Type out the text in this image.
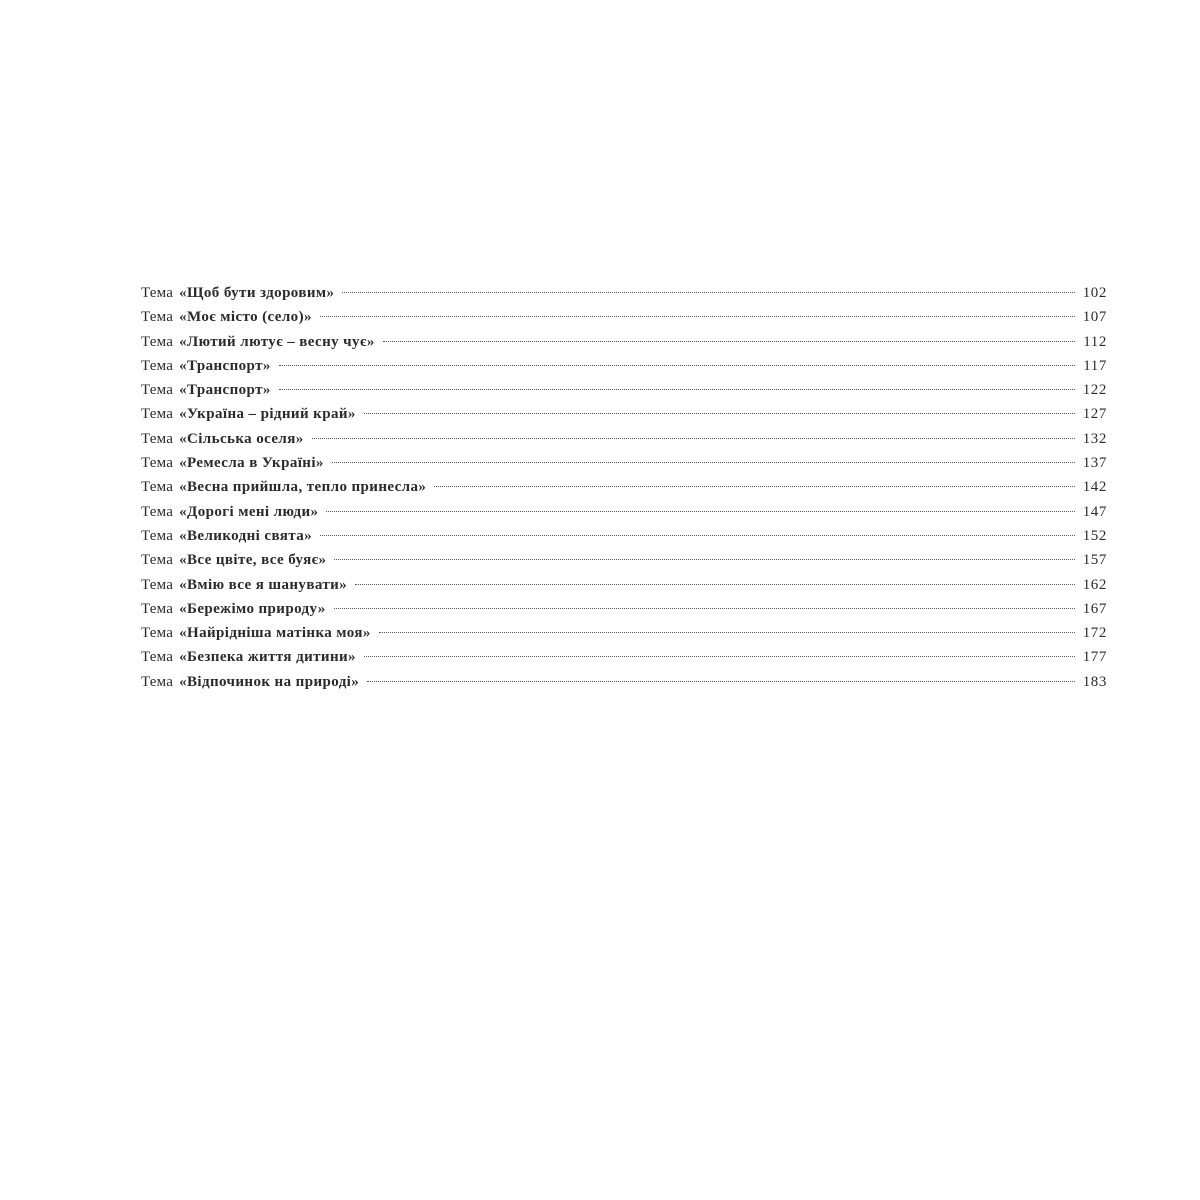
Тема «Щоб бути здоровим»	102
Тема «Моє місто (село)»	107
Тема «Лютий лютує – весну чує»	112
Тема «Транспорт»	117
Тема «Транспорт»	122
Тема «Україна – рідний край»	127
Тема «Сільська оселя»	132
Тема «Ремесла в Україні»	137
Тема «Весна прийшла, тепло принесла»	142
Тема «Дорогі мені люди»	147
Тема «Великодні свята»	152
Тема «Все цвіте, все буяє»	157
Тема «Вмію все я шанувати»	162
Тема «Бережімо природу»	167
Тема «Найрідніша матінка моя»	172
Тема «Безпека життя дитини»	177
Тема «Відпочинок на природі»	183
